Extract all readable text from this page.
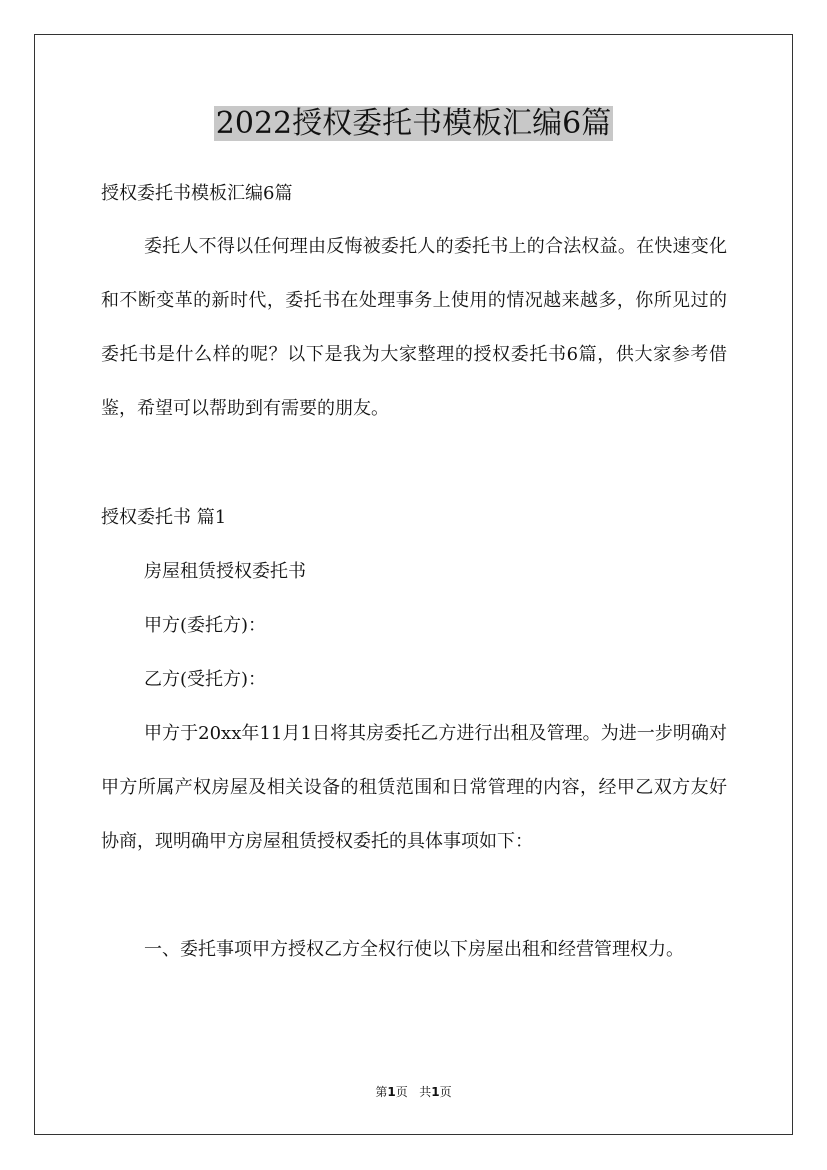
2022授权委托书模板汇编6篇

授权委托书模板汇编6篇

委托人不得以任何理由反悔被委托人的委托书上的合法权益。在快速变化和不断变革的新时代，委托书在处理事务上使用的情况越来越多，你所见过的委托书是什么样的呢？以下是我为大家整理的授权委托书6篇，供大家参考借鉴，希望可以帮助到有需要的朋友。

授权委托书 篇1

房屋租赁授权委托书

甲方(委托方)：

乙方(受托方)：

甲方于20xx年11月1日将其房委托乙方进行出租及管理。为进一步明确对甲方所属产权房屋及相关设备的租赁范围和日常管理的内容，经甲乙双方友好协商，现明确甲方房屋租赁授权委托的具体事项如下：

一、委托事项甲方授权乙方全权行使以下房屋出租和经营管理权力。

第1页 共1页
